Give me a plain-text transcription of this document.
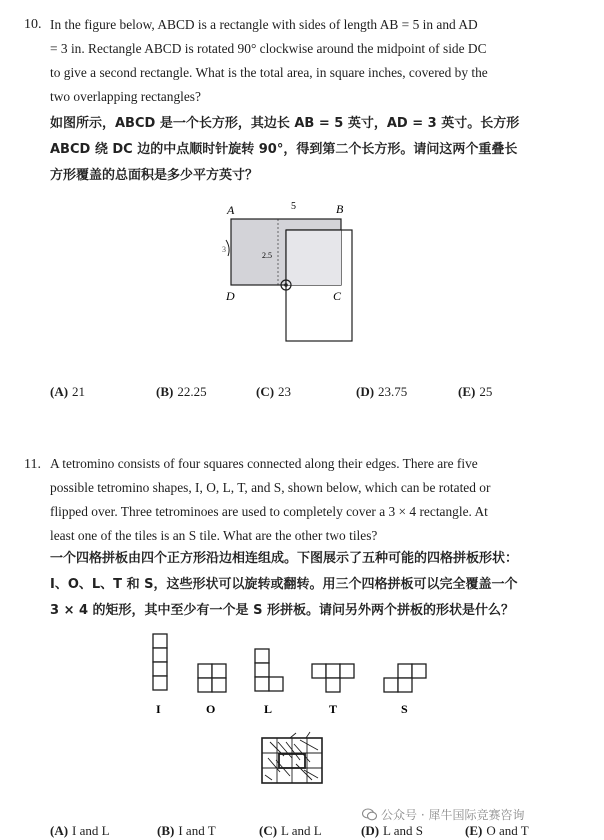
10. In the figure below, ABCD is a rectangle with sides of length AB = 5 in and AD
= 3 in. Rectangle ABCD is rotated 90° clockwise around the midpoint of side DC
to give a second rectangle. What is the total area, in square inches, covered by the
two overlapping rectangles?
如图所示，ABCD 是一个长方形，其边长 AB = 5 英寸，AD = 3 英寸。长方形
ABCD 绕 DC 边的中点顺时针旋转 90°，得到第二个长方形。请问这两个重叠长
方形覆盖的总面积是多少平方英寸？
A	B
C
D
5
2.5
3
(A) 21	(B) 22.25	(C) 23	(D) 23.75	(E) 25
11. A tetromino consists of four squares connected along their edges. There are five
possible tetromino shapes, I, O, L, T, and S, shown below, which can be rotated or
flipped over. Three tetrominoes are used to completely cover a 3 × 4 rectangle. At
least one of the tiles is an S tile. What are the other two tiles?
一个四格拼板由四个正方形沿边相连组成。下图展示了五种可能的四格拼板形状：
I、O、L、T 和 S，这些形状可以旋转或翻转。用三个四格拼板可以完全覆盖一个
3 × 4 的矩形，其中至少有一个是 S 形拼板。请问另外两个拼板的形状是什么？
I	O	L	T	S
(A) I and L	(B) I and T	(C) L and L	(D) L and S	(E) O and T
公众号 · 犀牛国际竞赛咨询
